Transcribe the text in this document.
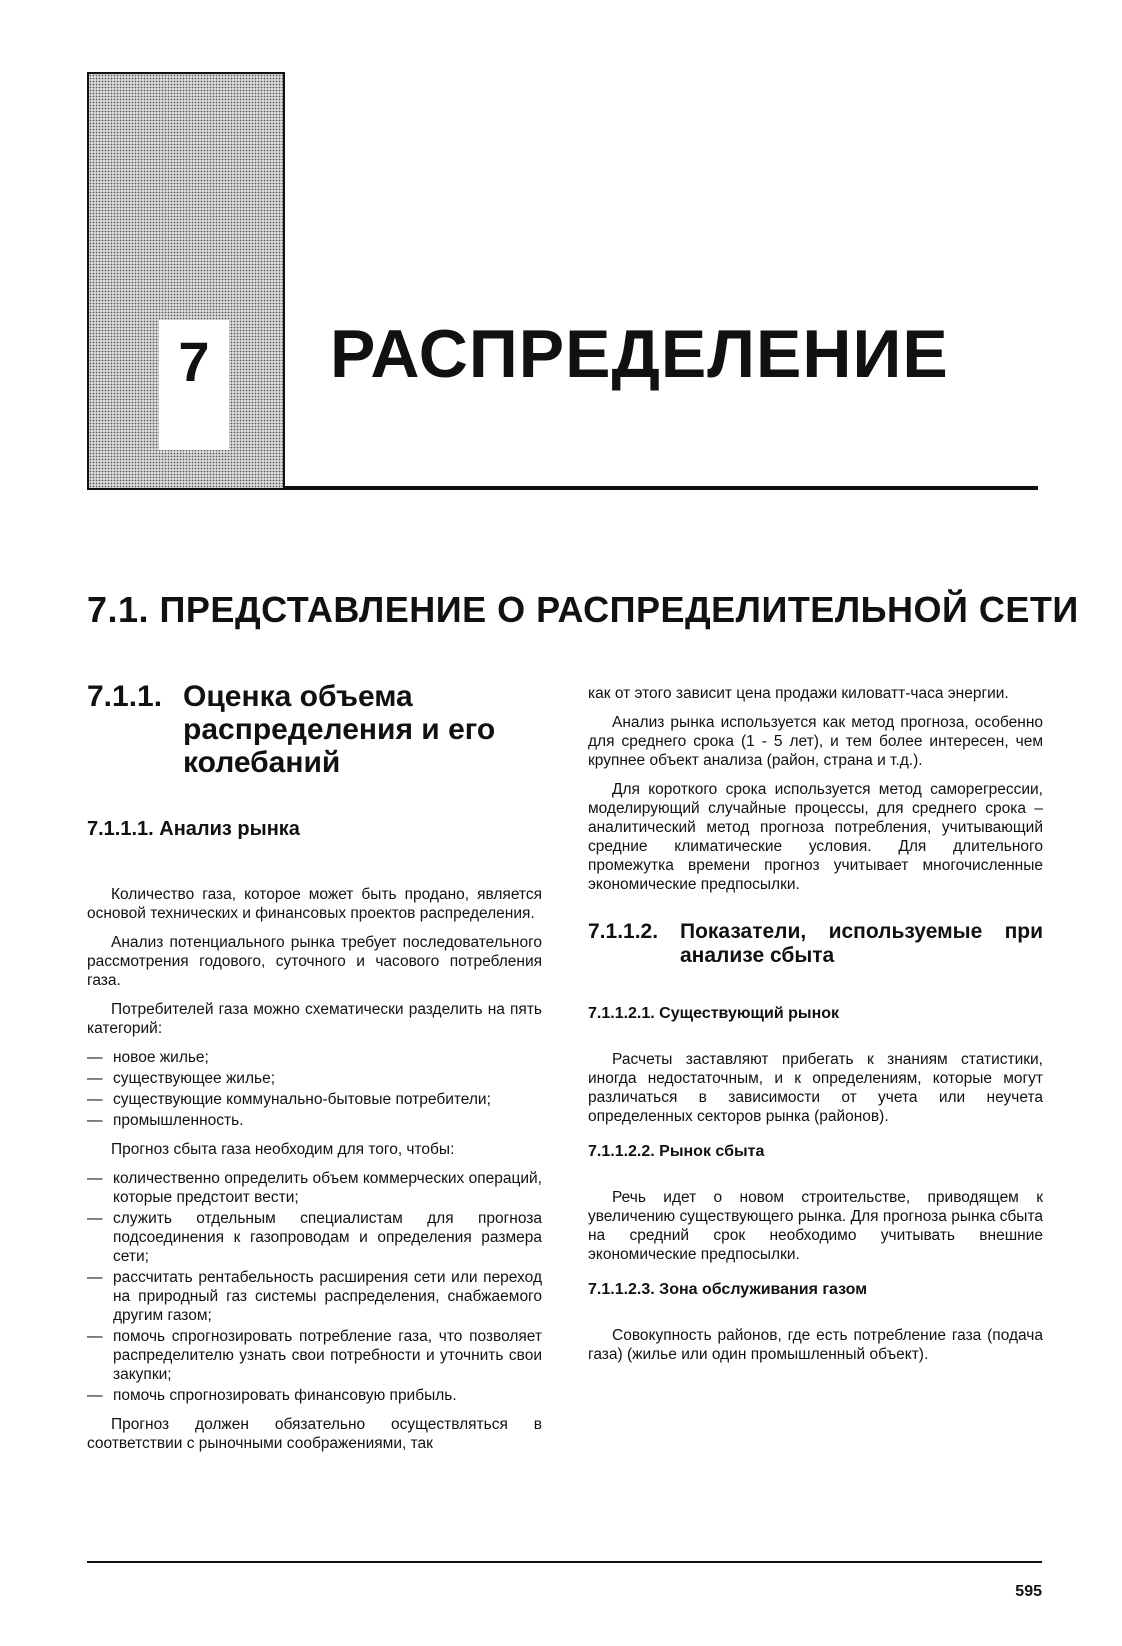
7 РАСПРЕДЕЛЕНИЕ
7.1. ПРЕДСТАВЛЕНИЕ О РАСПРЕДЕЛИТЕЛЬНОЙ СЕТИ
7.1.1. Оценка объема распределения и его колебаний
7.1.1.1. Анализ рынка

Количество газа, которое может быть продано, является основой технических и финансовых проектов распределения.

Анализ потенциального рынка требует последовательного рассмотрения годового, суточного и часового потребления газа.

Потребителей газа можно схематически разделить на пять категорий:

— новое жилье;
— существующее жилье;
— существующие коммунально-бытовые потребители;
— промышленность.

Прогноз сбыта газа необходим для того, чтобы:

— количественно определить объем коммерческих операций, которые предстоит вести;
— служить отдельным специалистам для прогноза подсоединения к газопроводам и определения размера сети;
— рассчитать рентабельность расширения сети или переход на природный газ системы распределения, снабжаемого другим газом;
— помочь спрогнозировать потребление газа, что позволяет распределителю узнать свои потребности и уточнить свои закупки;
— помочь спрогнозировать финансовую прибыль.

Прогноз должен обязательно осуществляться в соответствии с рыночными соображениями, так

как от этого зависит цена продажи киловатт-часа энергии.

Анализ рынка используется как метод прогноза, особенно для среднего срока (1 - 5 лет), и тем более интересен, чем крупнее объект анализа (район, страна и т.д.).

Для короткого срока используется метод саморегрессии, моделирующий случайные процессы, для среднего срока – аналитический метод прогноза потребления, учитывающий средние климатические условия. Для длительного промежутка времени прогноз учитывает многочисленные экономические предпосылки.

7.1.1.2.	Показатели, используемые при анализе сбыта
7.1.1.2.1. Существующий рынок

Расчеты заставляют прибегать к знаниям статистики, иногда недостаточным, и к определениям, которые могут различаться в зависимости от учета или неучета определенных секторов рынка (районов).

7.1.1.2.2. Рынок сбыта

Речь идет о новом строительстве, приводящем к увеличению существующего рынка. Для прогноза рынка сбыта на средний срок необходимо учитывать внешние экономические предпосылки.

7.1.1.2.3. Зона обслуживания газом

Совокупность районов, где есть потребление газа (подача газа) (жилье или один промышленный объект).

595
